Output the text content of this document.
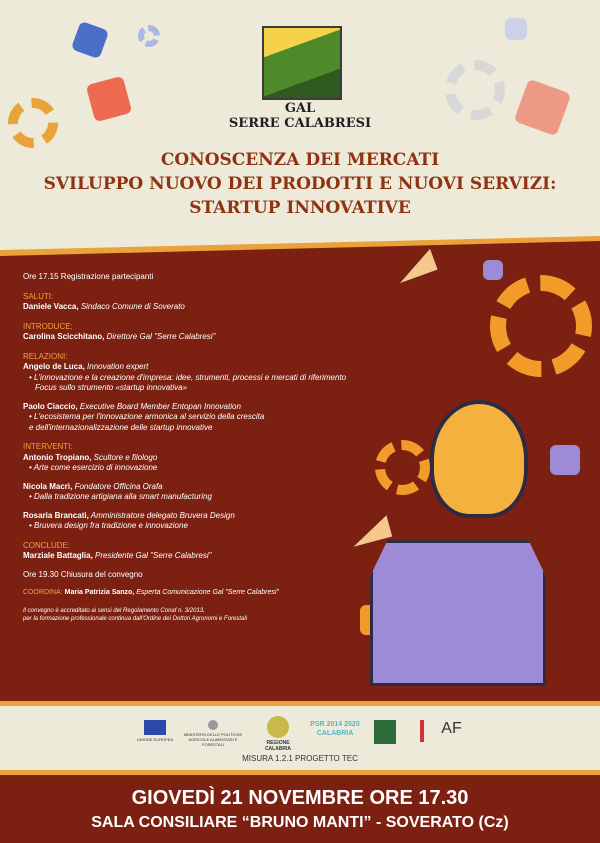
GAL
SERRE CALABRESI
CONOSCENZA DEI MERCATI
SVILUPPO NUOVO DEI PRODOTTI E NUOVI SERVIZI:
STARTUP INNOVATIVE
Ore 17.15 Registrazione partecipanti
SALUTI:
Daniele Vacca, Sindaco Comune di Soverato
INTRODUCE:
Carolina Scicchitano, Direttore Gal "Serre Calabresi"
RELAZIONI:
Angelo de Luca, Innovation expert
• L'innovazione e la creazione d'impresa: idee, strumenti, processi e mercati di riferimento
Focus sullo strumento «startup innovativa»
Paolo Ciaccio, Executive Board Member Entopan Innovation
• L'ecosistema per l'innovazione armonica al servizio della crescita
e dell'internazionalizzazione delle startup innovative
INTERVENTI:
Antonio Tropiano, Scultore e filologo
• Arte come esercizio di innovazione
Nicola Macrì, Fondatore Officina Orafa
• Dalla tradizione artigiana alla smart manufacturing
Rosaria Brancati, Amministratore delegato Bruvera Design
• Bruvera design fra tradizione e innovazione
CONCLUDE:
Marziale Battaglia, Presidente Gal "Serre Calabresi"
Ore 19.30 Chiusura del convegno
COORDINA: Maria Patrizia Sanzo, Esperta Comunicazione Gal "Serre Calabresi"
Il convegno è accreditato ai sensi del Regolamento Conaf n. 3/2013,
per la formazione professionale continua dall'Ordine dei Dottori Agronomi e Forestali
UNIONE EUROPEA
MINISTERO DELLE POLITICHE AGRICOLE ALIMENTARI E FORESTALI	REGIONE CALABRIA
PSR 2014 2020 CALABRIA	AF
MISURA 1.2.1 PROGETTO TEC
GIOVEDÌ 21 NOVEMBRE ORE 17.30
SALA CONSILIARE “BRUNO MANTI” - SOVERATO (Cz)
